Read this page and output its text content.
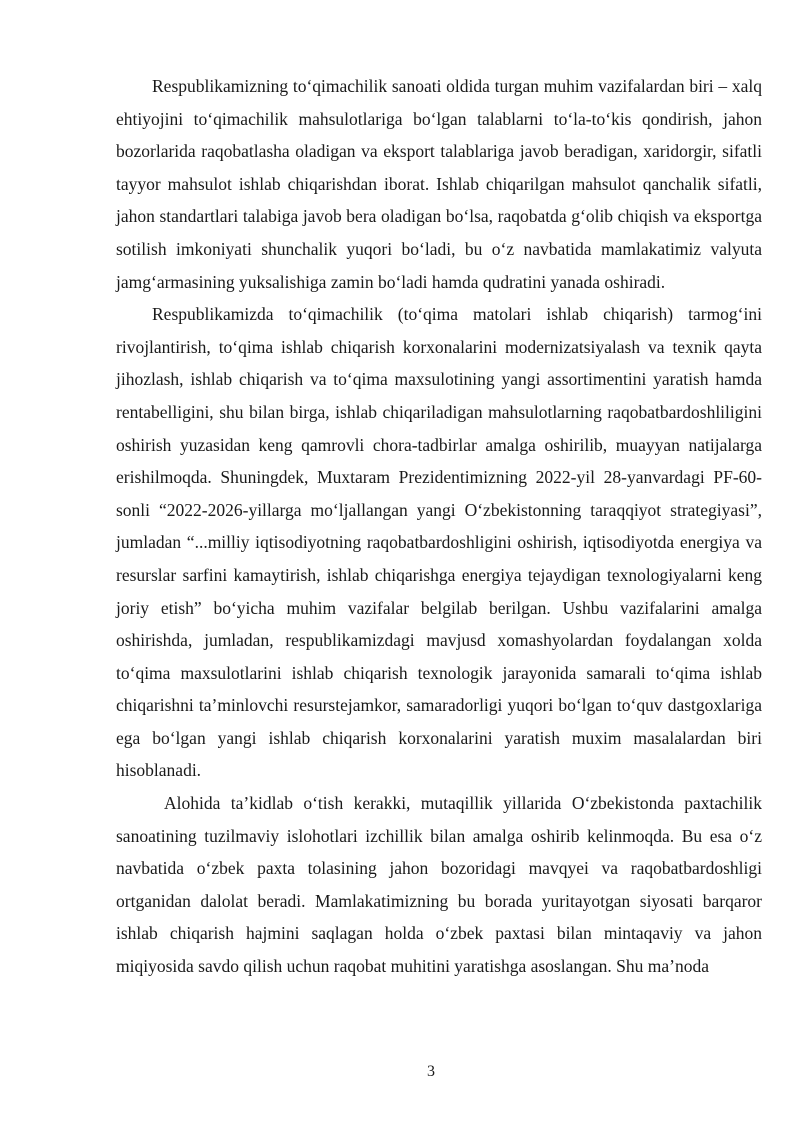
Respublikamizning to‘qimachilik sanoati oldida turgan muhim vazifalardan biri – xalq ehtiyojini to‘qimachilik mahsulotlariga bo‘lgan talablarni to‘la-to‘kis qondirish, jahon bozorlarida raqobatlasha oladigan va eksport talablariga javob beradigan, xaridorgir, sifatli tayyor mahsulot ishlab chiqarishdan iborat. Ishlab chiqarilgan mahsulot qanchalik sifatli, jahon standartlari talabiga javob bera oladigan bo‘lsa, raqobatda g‘olib chiqish va eksportga sotilish imkoniyati shunchalik yuqori bo‘ladi, bu o‘z navbatida mamlakatimiz valyuta jamg‘armasining yuksalishiga zamin bo‘ladi hamda qudratini yanada oshiradi.

Respublikamizda to‘qimachilik (to‘qima matolari ishlab chiqarish) tarmog‘ini rivojlantirish, to‘qima ishlab chiqarish korxonalarini modernizatsiyalash va texnik qayta jihozlash, ishlab chiqarish va to‘qima maxsulotining yangi assortimentini yaratish hamda rentabelligini, shu bilan birga, ishlab chiqariladigan mahsulotlarning raqobatbardoshliligini oshirish yuzasidan keng qamrovli chora-tadbirlar amalga oshirilib, muayyan natijalarga erishilmoqda. Shuningdek, Muxtaram Prezidentimizning 2022-yil 28-yanvardagi PF-60-sonli “2022-2026-yillarga mo‘ljallangan yangi O‘zbekistonning taraqqiyot strategiyasi”, jumladan “...milliy iqtisodiyotning raqobatbardoshligini oshirish, iqtisodiyotda energiya va resurslar sarfini kamaytirish, ishlab chiqarishga energiya tejaydigan texnologiyalarni keng joriy etish” bo‘yicha muhim vazifalar belgilab berilgan. Ushbu vazifalarini amalga oshirishda, jumladan, respublikamizdagi mavjusd xomashyolardan foydalangan xolda to‘qima maxsulotlarini ishlab chiqarish texnologik jarayonida samarali to‘qima ishlab chiqarishni ta’minlovchi resurstejamkor, samaradorligi yuqori bo‘lgan to‘quv dastgoxlariga ega bo‘lgan yangi ishlab chiqarish korxonalarini yaratish muxim masalalardan biri hisoblanadi.

Alohida ta’kidlab o‘tish kerakki, mutaqillik yillarida O‘zbekistonda paxtachilik sanoatining tuzilmaviy islohotlari izchillik bilan amalga oshirib kelinmoqda. Bu esa o‘z navbatida o‘zbek paxta tolasining jahon bozoridagi mavqyei va raqobatbardoshligi ortganidan dalolat beradi. Mamlakatimizning bu borada yuritayotgan siyosati barqaror ishlab chiqarish hajmini saqlagan holda o‘zbek paxtasi bilan mintaqaviy va jahon miqiyosida savdo qilish uchun raqobat muhitini yaratishga asoslangan. Shu ma’noda

3
